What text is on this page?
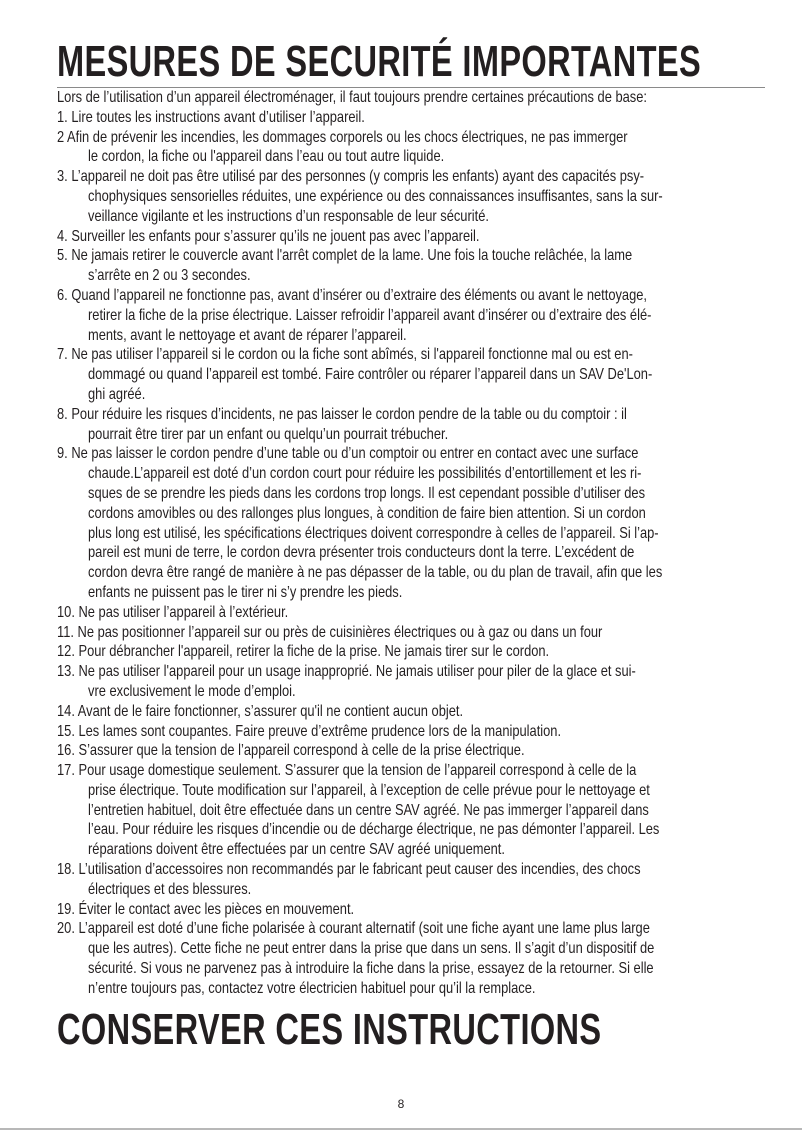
MESURES DE SECURITÉ IMPORTANTES
Lors de l’utilisation d’un appareil électroménager, il faut toujours prendre certaines précautions de base:
1. Lire toutes les instructions avant d’utiliser l’appareil.
2 Afin de prévenir les incendies, les dommages corporels ou les chocs électriques, ne pas immerger
le cordon, la fiche ou l'appareil dans l’eau ou tout autre liquide.
3. L’appareil ne doit pas être utilisé par des personnes (y compris les enfants) ayant des capacités psy-
chophysiques sensorielles réduites, une expérience ou des connaissances insuffisantes, sans la sur-
veillance vigilante et les instructions d’un responsable de leur sécurité.
4. Surveiller les enfants pour s’assurer qu’ils ne jouent pas avec l’appareil.
5. Ne jamais retirer le couvercle avant l'arrêt complet de la lame. Une fois la touche relâchée, la lame
s’arrête en 2 ou 3 secondes.
6. Quand l’appareil ne fonctionne pas, avant d’insérer ou d’extraire des éléments ou avant le nettoyage,
retirer la fiche de la prise électrique. Laisser refroidir l’appareil avant d’insérer ou d’extraire des élé-
ments, avant le nettoyage et avant de réparer l’appareil.
7. Ne pas utiliser l’appareil si le cordon ou la fiche sont abîmés, si l'appareil fonctionne mal ou est en-
dommagé ou quand l’appareil est tombé. Faire contrôler ou réparer l’appareil dans un SAV De'Lon-
ghi agréé.
8. Pour réduire les risques d’incidents, ne pas laisser le cordon pendre de la table ou du comptoir : il
pourrait être tirer par un enfant ou quelqu’un pourrait trébucher.
9. Ne pas laisser le cordon pendre d’une table ou d’un comptoir ou entrer en contact avec une surface
chaude.L’appareil est doté d’un cordon court pour réduire les possibilités d’entortillement et les ri-
sques de se prendre les pieds dans les cordons trop longs. Il est cependant possible d’utiliser des
cordons amovibles ou des rallonges plus longues, à condition de faire bien attention. Si un cordon
plus long est utilisé, les spécifications électriques doivent correspondre à celles de l’appareil. Si l’ap-
pareil est muni de terre, le cordon devra présenter trois conducteurs dont la terre. L’excédent de
cordon devra être rangé de manière à ne pas dépasser de la table, ou du plan de travail, afin que les
enfants ne puissent pas le tirer ni s’y prendre les pieds.
10. Ne pas utiliser l’appareil à l’extérieur.
11. Ne pas positionner l’appareil sur ou près de cuisinières électriques ou à gaz ou dans un four
12. Pour débrancher l'appareil, retirer la fiche de la prise. Ne jamais tirer sur le cordon.
13. Ne pas utiliser l'appareil pour un usage inapproprié. Ne jamais utiliser pour piler de la glace et sui-
vre exclusivement le mode d’emploi.
14. Avant de le faire fonctionner, s’assurer qu'il ne contient aucun objet.
15. Les lames sont coupantes. Faire preuve d’extrême prudence lors de la manipulation.
16. S’assurer que la tension de l’appareil correspond à celle de la prise électrique.
17. Pour usage domestique seulement. S’assurer que la tension de l’appareil correspond à celle de la
prise électrique. Toute modification sur l’appareil, à l’exception de celle prévue pour le nettoyage et
l’entretien habituel, doit être effectuée dans un centre SAV agréé. Ne pas immerger l’appareil dans
l’eau. Pour réduire les risques d’incendie ou de décharge électrique, ne pas démonter l’appareil. Les
réparations doivent être effectuées par un centre SAV agréé uniquement.
18. L’utilisation d’accessoires non recommandés par le fabricant peut causer des incendies, des chocs
électriques et des blessures.
19. Éviter le contact avec les pièces en mouvement.
20. L’appareil est doté d’une fiche polarisée à courant alternatif (soit une fiche ayant une lame plus large
que les autres). Cette fiche ne peut entrer dans la prise que dans un sens. Il s’agit d’un dispositif de
sécurité. Si vous ne parvenez pas à introduire la fiche dans la prise, essayez de la retourner. Si elle
n’entre toujours pas, contactez votre électricien habituel pour qu’il la remplace.
CONSERVER CES INSTRUCTIONS
8
